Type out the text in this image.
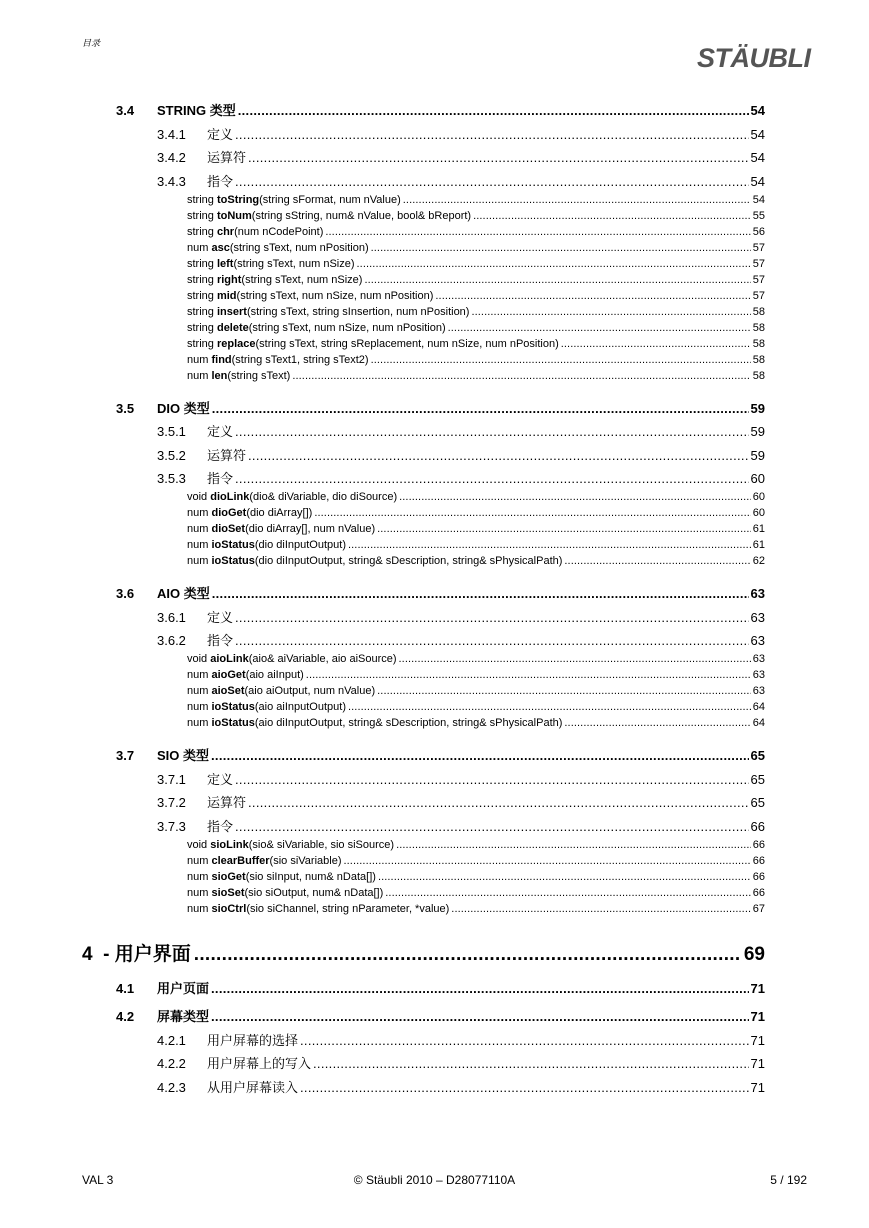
目录	STÄUBLI
3.4	STRING 类型 .....	54
3.4.1	定义 .....	54
3.4.2	运算符 .....	54
3.4.3	指令 .....	54
string toString(string sFormat, num nValue) .....	54
string toNum(string sString, num& nValue, bool& bReport) .....	55
string chr(num nCodePoint) .....	56
num asc(string sText, num nPosition) .....	57
string left(string sText, num nSize) .....	57
string right(string sText, num nSize) .....	57
string mid(string sText, num nSize, num nPosition) .....	57
string insert(string sText, string sInsertion, num nPosition) .....	58
string delete(string sText, num nSize, num nPosition) .....	58
string replace(string sText, string sReplacement, num nSize, num nPosition) .....	58
num find(string sText1, string sText2) .....	58
num len(string sText) .....	58
3.5	DIO 类型 .....	59
3.5.1	定义 .....	59
3.5.2	运算符 .....	59
3.5.3	指令 .....	60
void dioLink(dio& diVariable, dio diSource) .....	60
num dioGet(dio diArray[]) .....	60
num dioSet(dio diArray[], num nValue) .....	61
num ioStatus(dio diInputOutput) .....	61
num ioStatus(dio diInputOutput, string& sDescription, string& sPhysicalPath) .....	62
3.6	AIO 类型 .....	63
3.6.1	定义 .....	63
3.6.2	指令 .....	63
void aioLink(aio& aiVariable, aio aiSource) .....	63
num aioGet(aio aiInput) .....	63
num aioSet(aio aiOutput, num nValue) .....	63
num ioStatus(aio aiInputOutput) .....	64
num ioStatus(aio diInputOutput, string& sDescription, string& sPhysicalPath) .....	64
3.7	SIO 类型 .....	65
3.7.1	定义 .....	65
3.7.2	运算符 .....	65
3.7.3	指令 .....	66
void sioLink(sio& siVariable, sio siSource) .....	66
num clearBuffer(sio siVariable) .....	66
num sioGet(sio siInput, num& nData[]) .....	66
num sioSet(sio siOutput, num& nData[]) .....	66
num sioCtrl(sio siChannel, string nParameter, *value) .....	67
4  - 用户界面 .....	69
4.1	用户页面 .....	71
4.2	屏幕类型 .....	71
4.2.1	用户屏幕的选择 .....	71
4.2.2	用户屏幕上的写入 .....	71
4.2.3	从用户屏幕读入 .....	71
VAL 3	© Stäubli 2010 – D28077110A	5 / 192
